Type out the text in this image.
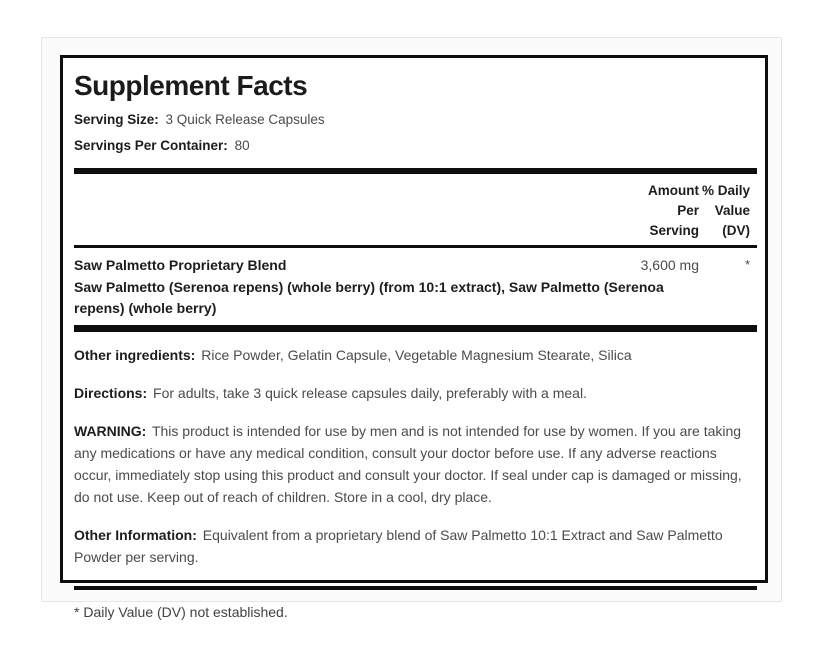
Supplement Facts

Serving Size: 3 Quick Release Capsules

Servings Per Container: 80

Amount
Per
Serving
% Daily
Value
(DV)
Saw Palmetto Proprietary Blend	3,600 mg	*
Saw Palmetto (Serenoa repens) (whole berry) (from 10:1 extract), Saw Palmetto (Serenoa repens) (whole berry)

Other ingredients: Rice Powder, Gelatin Capsule, Vegetable Magnesium Stearate, Silica

Directions: For adults, take 3 quick release capsules daily, preferably with a meal.

WARNING: This product is intended for use by men and is not intended for use by women. If you are taking any medications or have any medical condition, consult your doctor before use. If any adverse reactions occur, immediately stop using this product and consult your doctor. If seal under cap is damaged or missing, do not use. Keep out of reach of children. Store in a cool, dry place.

Other Information: Equivalent from a proprietary blend of Saw Palmetto 10:1 Extract and Saw Palmetto Powder per serving.

* Daily Value (DV) not established.
